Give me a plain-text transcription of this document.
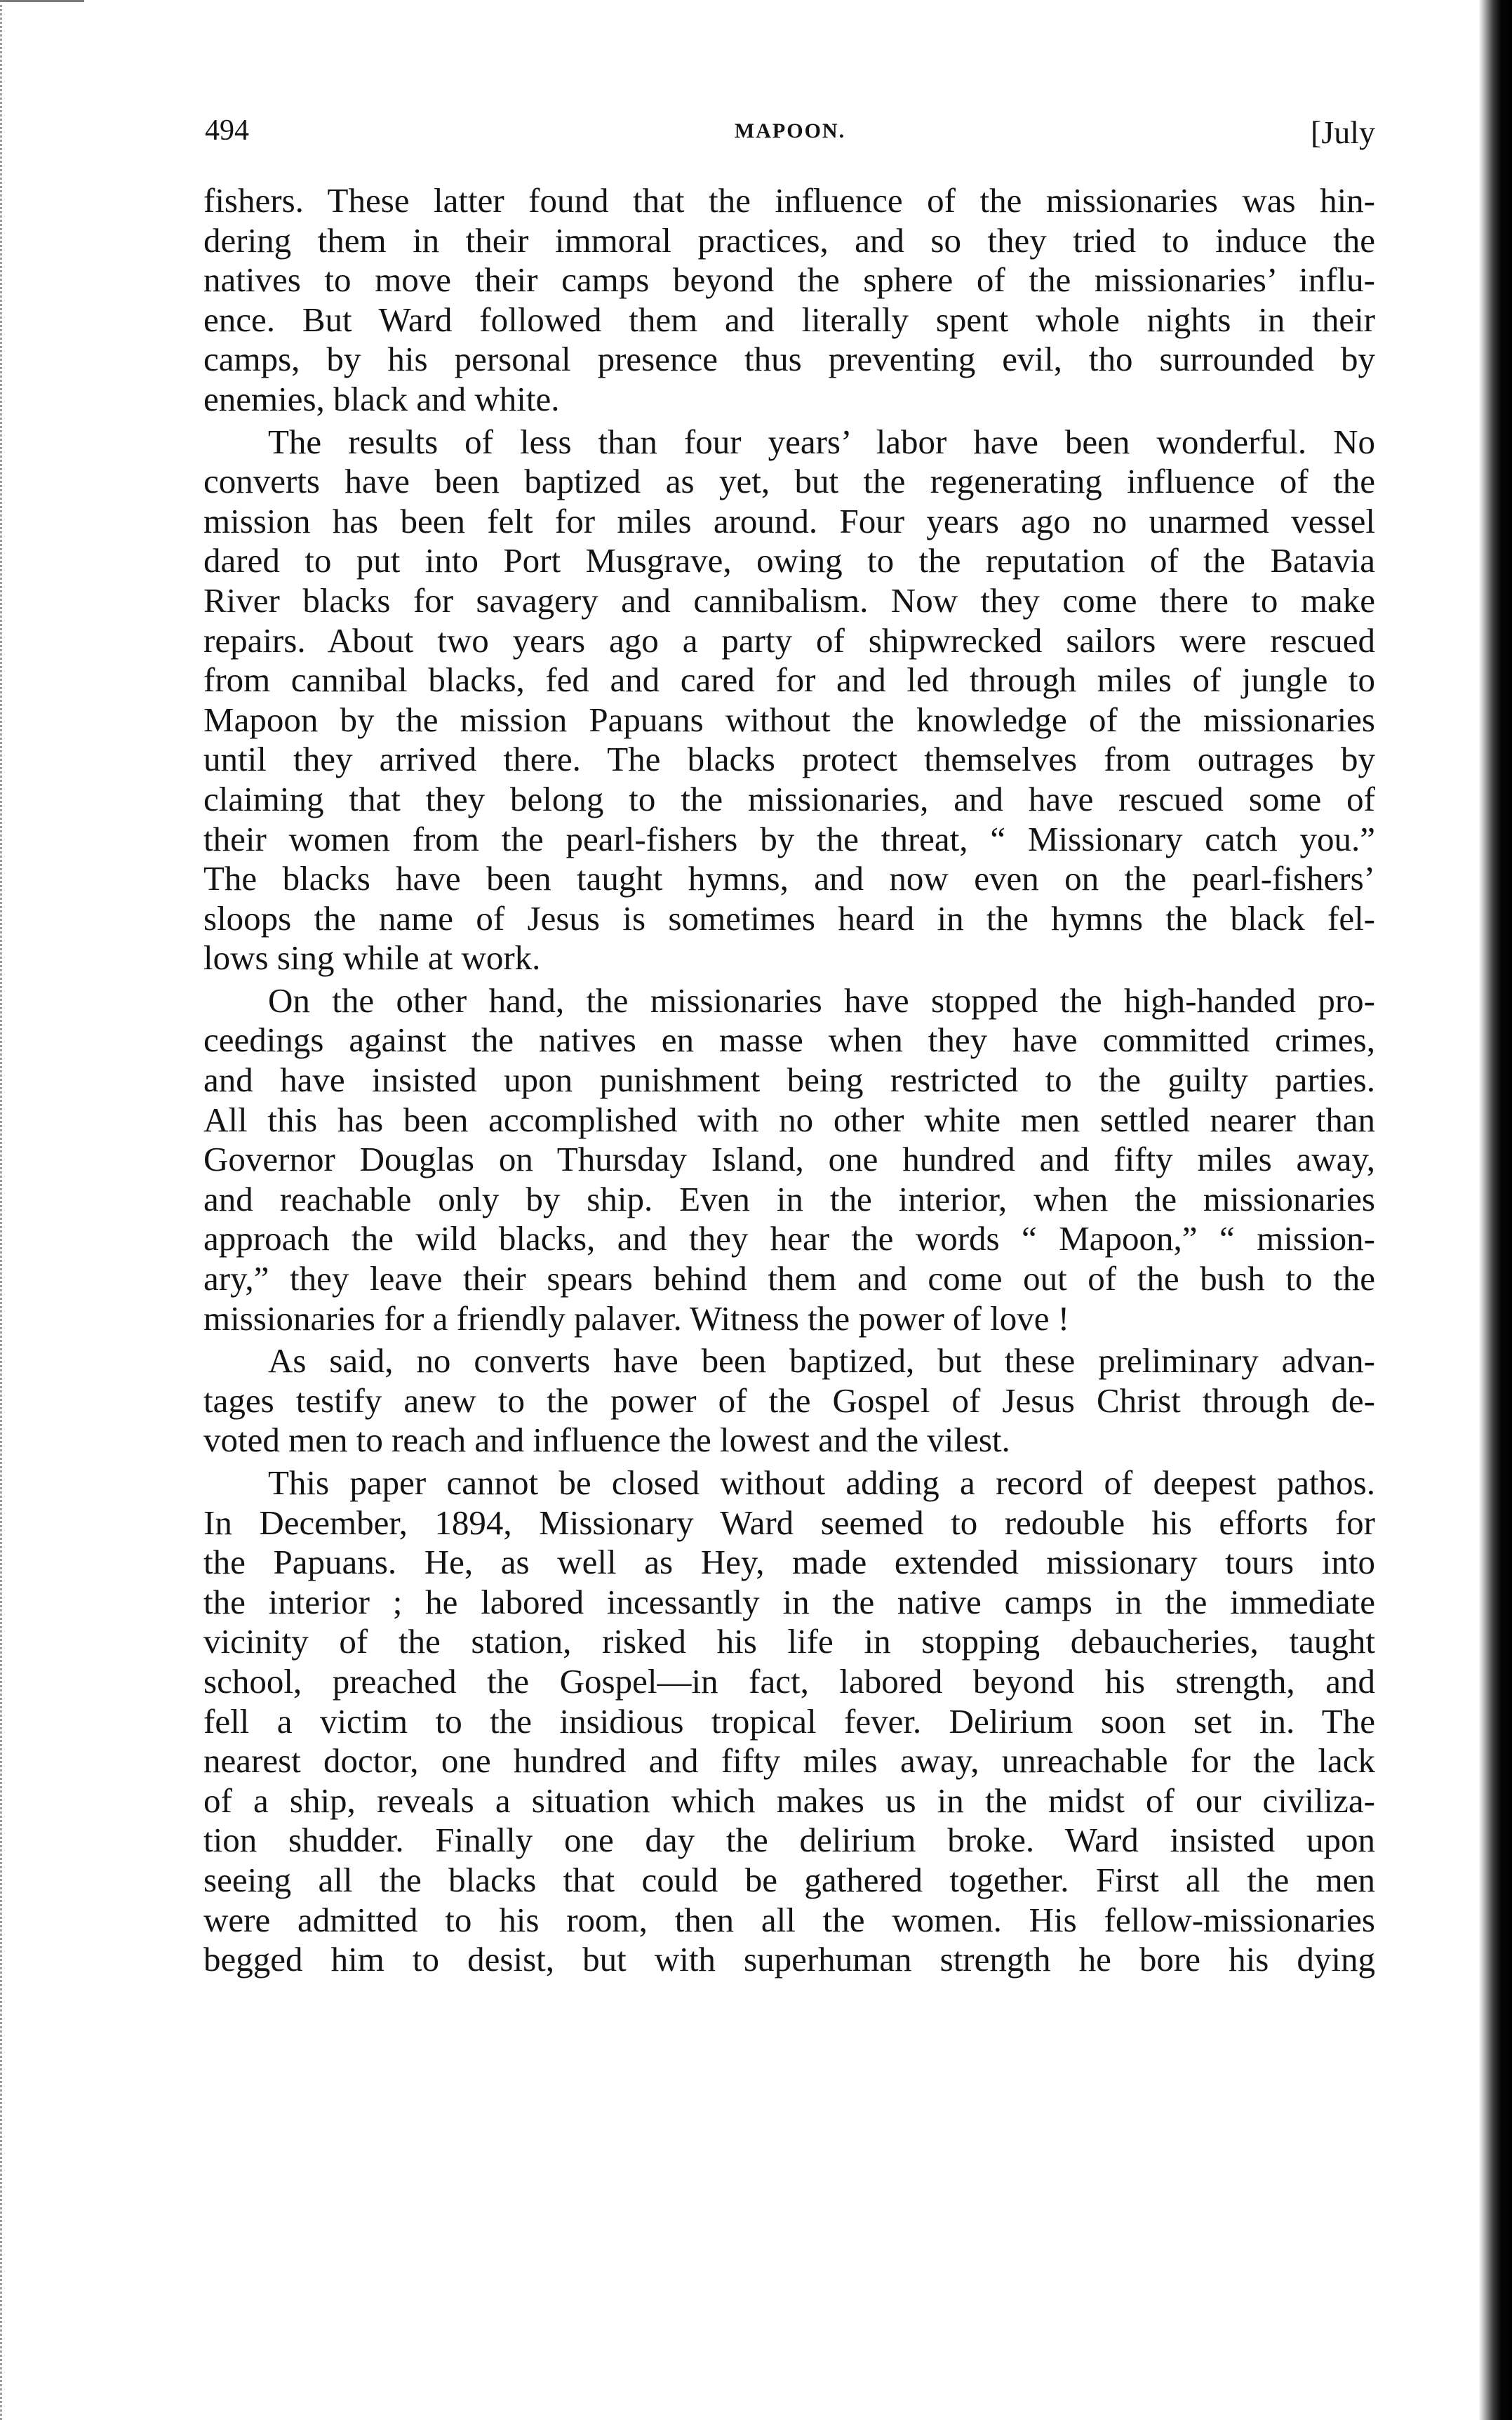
494	MAPOON.	[July
fishers. These latter found that the influence of the missionaries was hin-
dering them in their immoral practices, and so they tried to induce the
natives to move their camps beyond the sphere of the missionaries’ influ-
ence. But Ward followed them and literally spent whole nights in their
camps, by his personal presence thus preventing evil, tho surrounded by
enemies, black and white.
The results of less than four years’ labor have been wonderful. No
converts have been baptized as yet, but the regenerating influence of the
mission has been felt for miles around. Four years ago no unarmed vessel
dared to put into Port Musgrave, owing to the reputation of the Batavia
River blacks for savagery and cannibalism. Now they come there to make
repairs. About two years ago a party of shipwrecked sailors were rescued
from cannibal blacks, fed and cared for and led through miles of jungle to
Mapoon by the mission Papuans without the knowledge of the missionaries
until they arrived there. The blacks protect themselves from outrages by
claiming that they belong to the missionaries, and have rescued some of
their women from the pearl-fishers by the threat, “ Missionary catch you.”
The blacks have been taught hymns, and now even on the pearl-fishers’
sloops the name of Jesus is sometimes heard in the hymns the black fel-
lows sing while at work.
On the other hand, the missionaries have stopped the high-handed pro-
ceedings against the natives en masse when they have committed crimes,
and have insisted upon punishment being restricted to the guilty parties.
All this has been accomplished with no other white men settled nearer than
Governor Douglas on Thursday Island, one hundred and fifty miles away,
and reachable only by ship. Even in the interior, when the missionaries
approach the wild blacks, and they hear the words “ Mapoon,” “ mission-
ary,” they leave their spears behind them and come out of the bush to the
missionaries for a friendly palaver. Witness the power of love !
As said, no converts have been baptized, but these preliminary advan-
tages testify anew to the power of the Gospel of Jesus Christ through de-
voted men to reach and influence the lowest and the vilest.
This paper cannot be closed without adding a record of deepest pathos.
In December, 1894, Missionary Ward seemed to redouble his efforts for
the Papuans. He, as well as Hey, made extended missionary tours into
the interior ; he labored incessantly in the native camps in the immediate
vicinity of the station, risked his life in stopping debaucheries, taught
school, preached the Gospel—in fact, labored beyond his strength, and
fell a victim to the insidious tropical fever. Delirium soon set in. The
nearest doctor, one hundred and fifty miles away, unreachable for the lack
of a ship, reveals a situation which makes us in the midst of our civiliza-
tion shudder. Finally one day the delirium broke. Ward insisted upon
seeing all the blacks that could be gathered together. First all the men
were admitted to his room, then all the women. His fellow-missionaries
begged him to desist, but with superhuman strength he bore his dying
